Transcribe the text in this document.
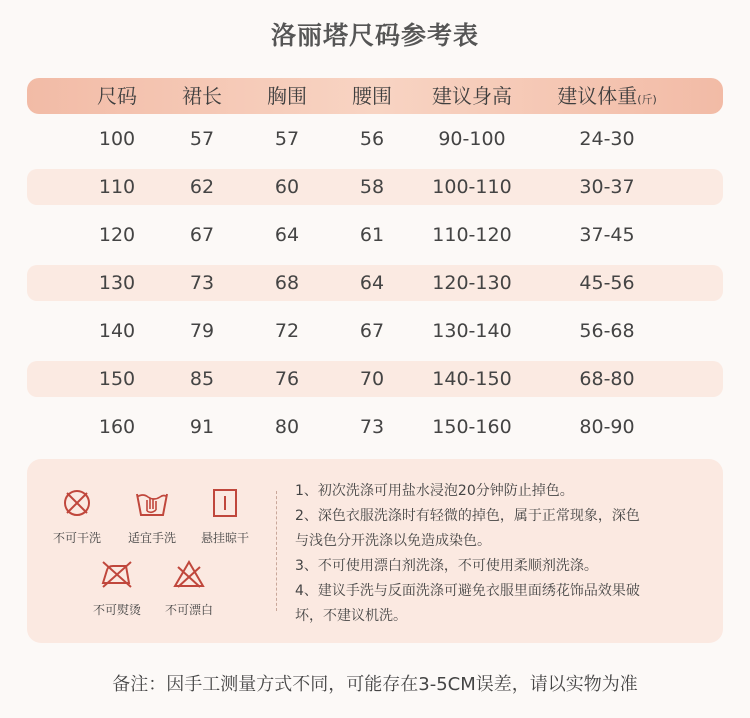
洛丽塔尺码参考表
尺码	裙长	胸围	腰围	建议身高	建议体重(斤)
100	57	57	56	90-100	24-30
110	62	60	58	100-110	30-37
120	67	64	61	110-120	37-45
130	73	68	64	120-130	45-56
140	79	72	67	130-140	56-68
150	85	76	70	140-150	68-80
160	91	80	73	150-160	80-90
不可干洗	适宜手洗	悬挂晾干
不可熨烫	不可漂白

1、初次洗涤可用盐水浸泡20分钟防止掉色。

2、深色衣服洗涤时有轻微的掉色，属于正常现象，深色

与浅色分开洗涤以免造成染色。

3、不可使用漂白剂洗涤，不可使用柔顺剂洗涤。

4、建议手洗与反面洗涤可避免衣服里面绣花饰品效果破

坏，不建议机洗。

备注：因手工测量方式不同，可能存在3-5CM误差，请以实物为准
